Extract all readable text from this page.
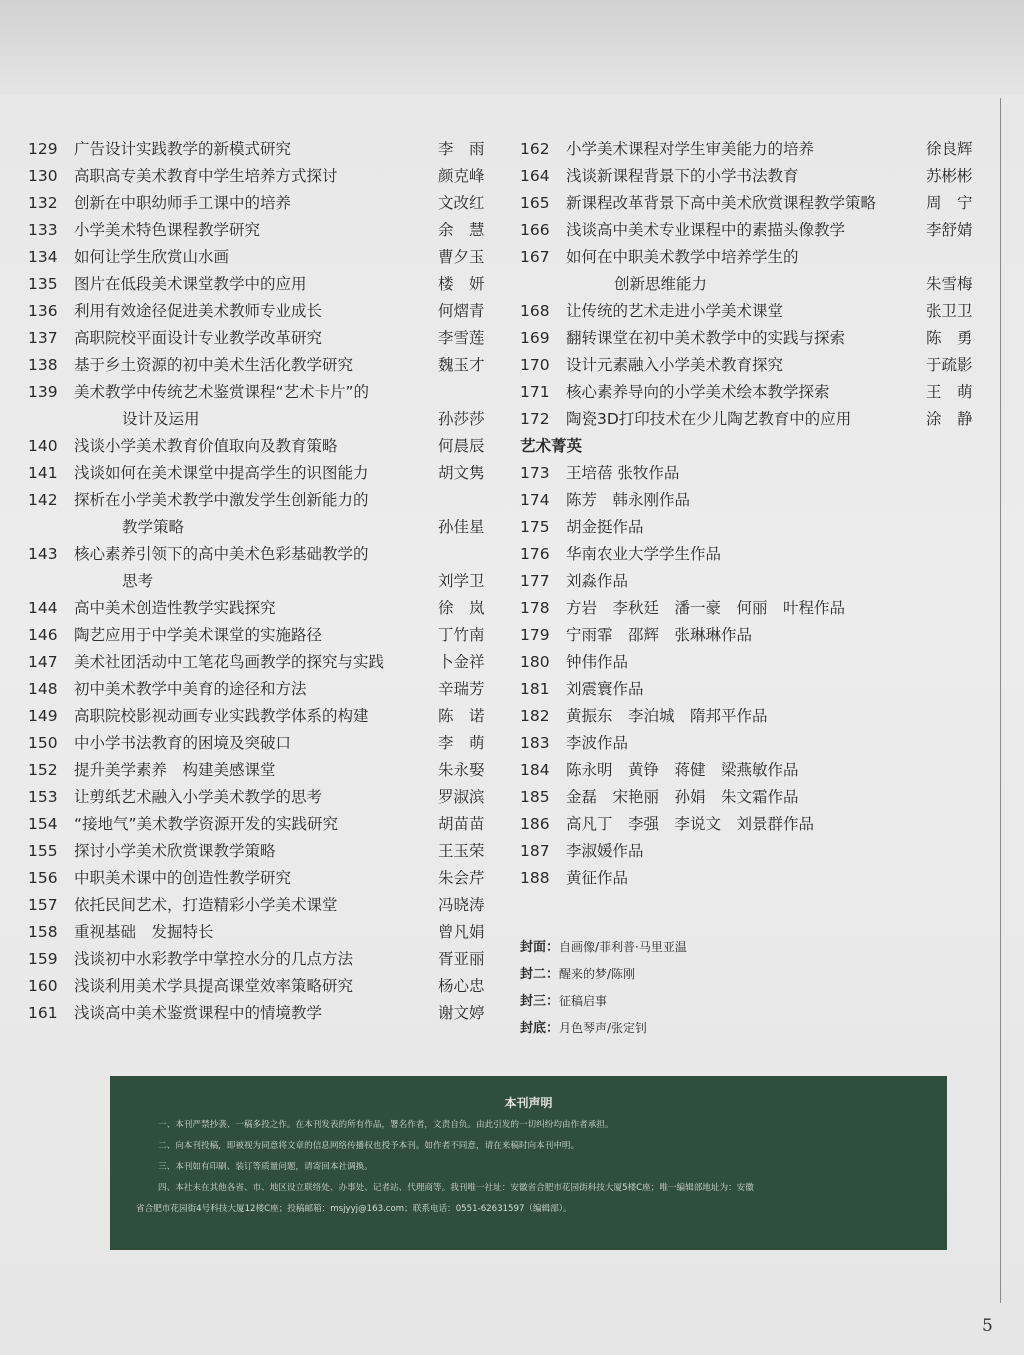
129	广告设计实践教学的新模式研究	李　雨
130	高职高专美术教育中学生培养方式探讨	颜克峰
132	创新在中职幼师手工课中的培养	文改红
133	小学美术特色课程教学研究	余　慧
134	如何让学生欣赏山水画	曹夕玉
135	图片在低段美术课堂教学中的应用	楼　妍
136	利用有效途径促进美术教师专业成长	何熠青
137	高职院校平面设计专业教学改革研究	李雪莲
138	基于乡土资源的初中美术生活化教学研究	魏玉才
139	美术教学中传统艺术鉴赏课程“艺术卡片”的
设计及运用	孙莎莎
140	浅谈小学美术教育价值取向及教育策略	何晨辰
141	浅谈如何在美术课堂中提高学生的识图能力	胡文隽
142	探析在小学美术教学中激发学生创新能力的
教学策略	孙佳星
143	核心素养引领下的高中美术色彩基础教学的
思考	刘学卫
144	高中美术创造性教学实践探究	徐　岚
146	陶艺应用于中学美术课堂的实施路径	丁竹南
147	美术社团活动中工笔花鸟画教学的探究与实践	卜金祥
148	初中美术教学中美育的途径和方法	辛瑞芳
149	高职院校影视动画专业实践教学体系的构建	陈　诺
150	中小学书法教育的困境及突破口	李　萌
152	提升美学素养　构建美感课堂	朱永娶
153	让剪纸艺术融入小学美术教学的思考	罗淑滨
154	“接地气”美术教学资源开发的实践研究	胡苗苗
155	探讨小学美术欣赏课教学策略	王玉荣
156	中职美术课中的创造性教学研究	朱会芹
157	依托民间艺术，打造精彩小学美术课堂	冯晓涛
158	重视基础　发掘特长	曾凡娟
159	浅谈初中水彩教学中掌控水分的几点方法	胥亚丽
160	浅谈利用美术学具提高课堂效率策略研究	杨心忠
161	浅谈高中美术鉴赏课程中的情境教学	谢文婷
162	小学美术课程对学生审美能力的培养	徐良辉
164	浅谈新课程背景下的小学书法教育	苏彬彬
165	新课程改革背景下高中美术欣赏课程教学策略	周　宁
166	浅谈高中美术专业课程中的素描头像教学	李舒婧
167	如何在中职美术教学中培养学生的
创新思维能力	朱雪梅
168	让传统的艺术走进小学美术课堂	张卫卫
169	翻转课堂在初中美术教学中的实践与探索	陈　勇
170	设计元素融入小学美术教育探究	于疏影
171	核心素养导向的小学美术绘本教学探索	王　萌
172	陶瓷3D打印技术在少儿陶艺教育中的应用	涂　静
艺术菁英
173	王培蓓 张牧作品
174	陈芳　韩永刚作品
175	胡金挺作品
176	华南农业大学学生作品
177	刘淼作品
178	方岩　李秋廷　潘一豪　何丽　叶程作品
179	宁雨霏　邵辉　张琳琳作品
180	钟伟作品
181	刘震寰作品
182	黄振东　李泊城　隋邦平作品
183	李波作品
184	陈永明　黄铮　蒋健　梁燕敏作品
185	金磊　宋艳丽　孙娟　朱文霜作品
186	高凡丁　李强　李说文　刘景群作品
187	李淑媛作品
188	黄征作品
封面：自画像/菲利普·马里亚温
封二：醒来的梦/陈刚
封三：征稿启事
封底：月色琴声/张定钊
本刊声明
一、本刊严禁抄袭、一稿多投之作。在本刊发表的所有作品，署名作者，文责自负。由此引发的一切纠纷均由作者承担。
二、向本刊投稿，即被视为同意将文章的信息网络传播权也授予本刊。如作者不同意，请在来稿时向本刊申明。
三、本刊如有印刷、装订等质量问题，请寄回本社调换。
四、本社未在其他各省、市、地区设立联络处、办事处、记者站、代理商等。我刊唯一社址：安徽省合肥市花园街科技大厦5楼C座；唯一编辑部地址为：安徽
省合肥市花园街4号科技大厦12楼C座；投稿邮箱：msjyyj@163.com；联系电话：0551-62631597（编辑部）。
5
